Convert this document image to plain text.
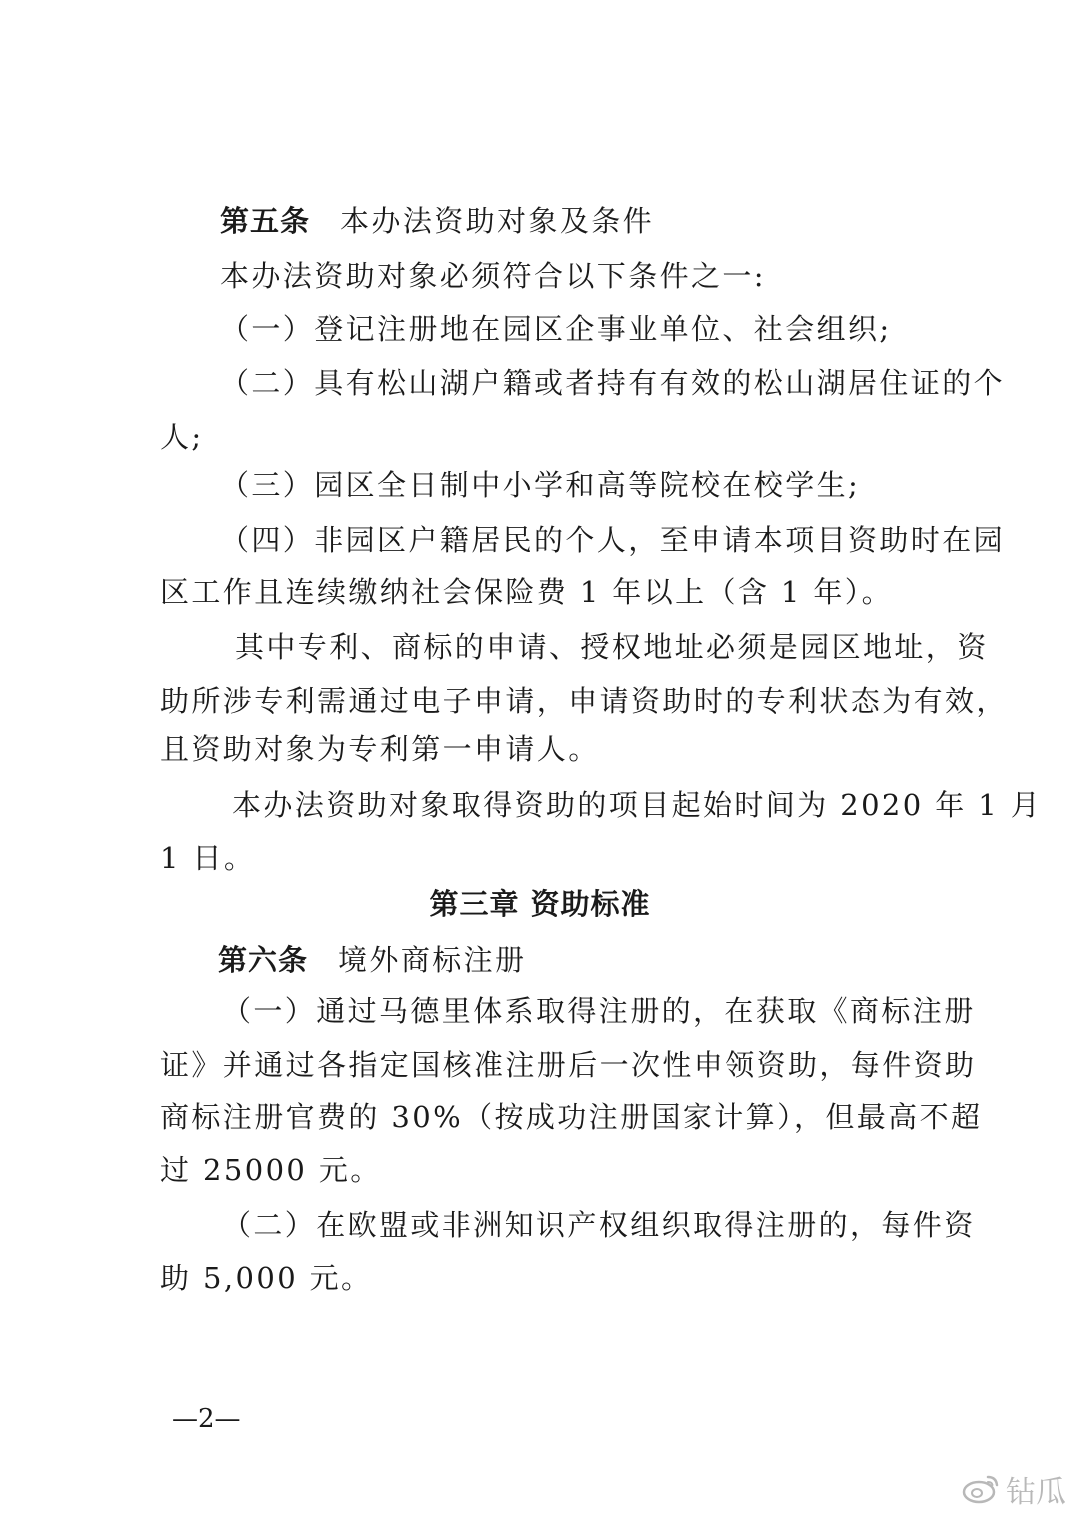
第五条 本办法资助对象及条件
本办法资助对象必须符合以下条件之一:
（一）登记注册地在园区企事业单位、社会组织;
（二）具有松山湖户籍或者持有有效的松山湖居住证的个
人;
（三）园区全日制中小学和高等院校在校学生;
（四）非园区户籍居民的个人，至申请本项目资助时在园
区工作且连续缴纳社会保险费 1 年以上（含 1 年）。
其中专利、商标的申请、授权地址必须是园区地址，资
助所涉专利需通过电子申请，申请资助时的专利状态为有效，
且资助对象为专利第一申请人。
本办法资助对象取得资助的项目起始时间为 2020 年 1 月
1 日。
第三章 资助标准
第六条 境外商标注册
（一）通过马德里体系取得注册的，在获取《商标注册
证》并通过各指定国核准注册后一次性申领资助，每件资助
商标注册官费的 30%（按成功注册国家计算），但最高不超
过 25000 元。
（二）在欧盟或非洲知识产权组织取得注册的，每件资
助 5,000 元。
—2—
钻瓜
